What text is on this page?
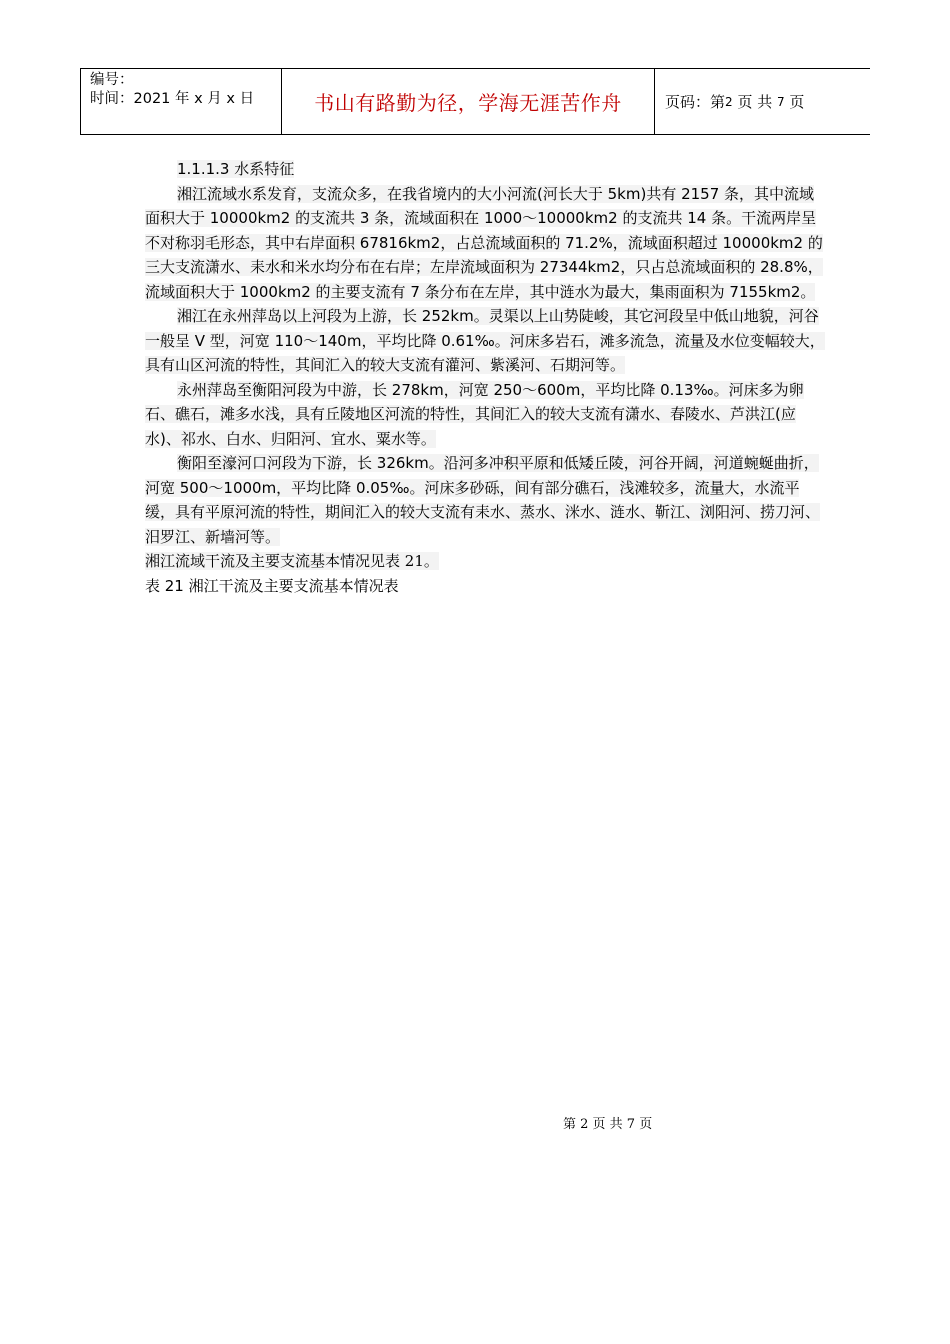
编号：
时间：2021 年 x 月 x 日	书山有路勤为径，学海无涯苦作舟	页码：第 2
页 共
7
页

1.1.1.3 水系特征

湘江流域水系发育，支流众多，在我省境内的大小河流(河长大于 5km)共有 2157 条，其中流域面积大于 10000km2 的支流共 3 条，流域面积在 1000～10000km2 的支流共 14 条。干流两岸呈不对称羽毛形态，其中右岸面积 67816km2，占总流域面积的 71.2%，流域面积超过 10000km2 的三大支流潇水、耒水和米水均分布在右岸；左岸流域面积为 27344km2，只占总流域面积的 28.8%，流域面积大于 1000km2 的主要支流有 7 条分布在左岸，其中涟水为最大，集雨面积为 7155km2。

湘江在永州萍岛以上河段为上游，长 252km。灵渠以上山势陡峻，其它河段呈中低山地貌，河谷一般呈 V 型，河宽 110～140m，平均比降 0.61‰。河床多岩石，滩多流急，流量及水位变幅较大，具有山区河流的特性，其间汇入的较大支流有灌河、紫溪河、石期河等。

永州萍岛至衡阳河段为中游，长 278km，河宽 250～600m，平均比降 0.13‰。河床多为卵石、礁石，滩多水浅，具有丘陵地区河流的特性，其间汇入的较大支流有潇水、春陵水、芦洪江(应水)、祁水、白水、归阳河、宜水、粟水等。

衡阳至濠河口河段为下游，长 326km。沿河多冲积平原和低矮丘陵，河谷开阔，河道蜿蜒曲折，河宽 500～1000m，平均比降 0.05‰。河床多砂砾，间有部分礁石，浅滩较多，流量大，水流平缓，具有平原河流的特性，期间汇入的较大支流有耒水、蒸水、洣水、涟水、靳江、浏阳河、捞刀河、汨罗江、新墙河等。

湘江流域干流及主要支流基本情况见表 21。

表 21 湘江干流及主要支流基本情况表

第 2 页 共 7 页
